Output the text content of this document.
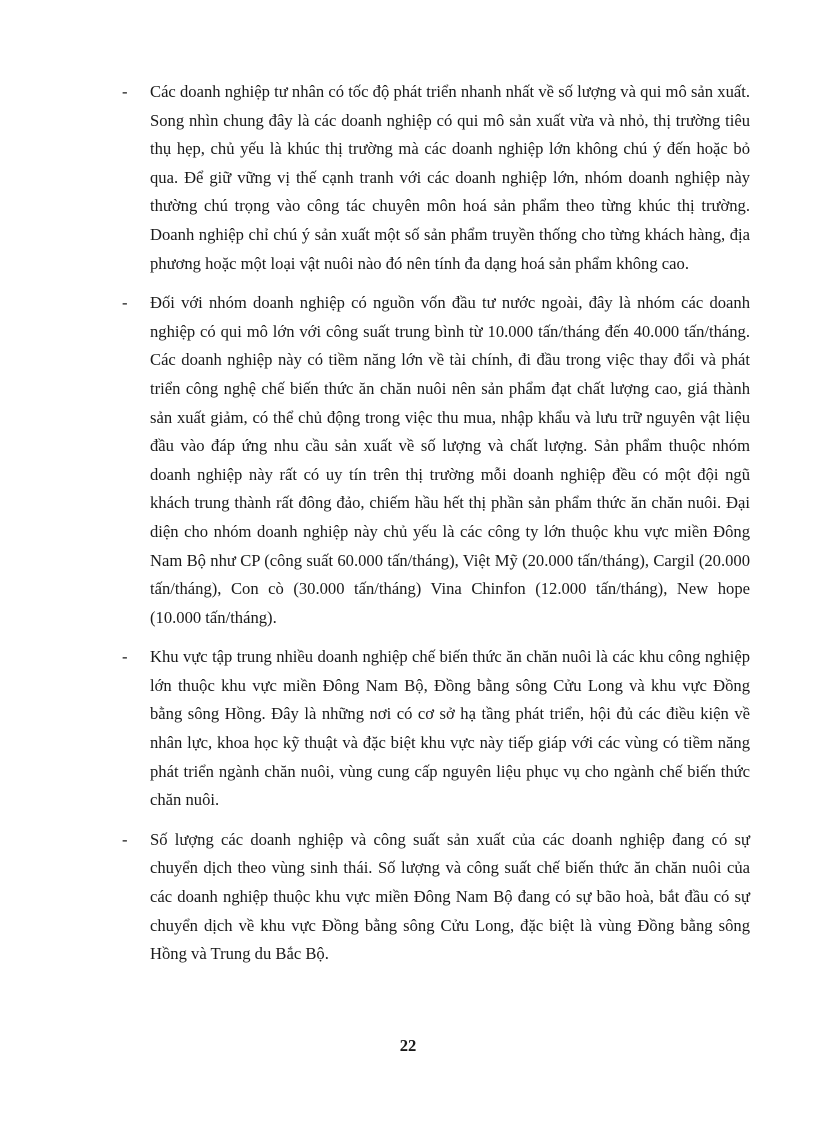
- Các doanh nghiệp tư nhân có tốc độ phát triển nhanh nhất về số lượng và qui mô sản xuất. Song nhìn chung đây là các doanh nghiệp có qui mô sản xuất vừa và nhỏ, thị trường tiêu thụ hẹp, chủ yếu là khúc thị trường mà các doanh nghiệp lớn không chú ý đến hoặc bỏ qua. Để giữ vững vị thế cạnh tranh với các doanh nghiệp lớn, nhóm doanh nghiệp này thường chú trọng vào công tác chuyên môn hoá sản phẩm theo từng khúc thị trường. Doanh nghiệp chỉ chú ý sản xuất một số sản phẩm truyền thống cho từng khách hàng, địa phương hoặc một loại vật nuôi nào đó nên tính đa dạng hoá sản phẩm không cao.

- Đối với nhóm doanh nghiệp có nguồn vốn đầu tư nước ngoài, đây là nhóm các doanh nghiệp có qui mô lớn với công suất trung bình từ 10.000 tấn/tháng đến 40.000 tấn/tháng. Các doanh nghiệp này có tiềm năng lớn về tài chính, đi đầu trong việc thay đổi và phát triển công nghệ chế biến thức ăn chăn nuôi nên sản phẩm đạt chất lượng cao, giá thành sản xuất giảm, có thể chủ động trong việc thu mua, nhập khẩu và lưu trữ nguyên vật liệu đầu vào đáp ứng nhu cầu sản xuất về số lượng và chất lượng. Sản phẩm thuộc nhóm doanh nghiệp này rất có uy tín trên thị trường mỗi doanh nghiệp đều có một đội ngũ khách trung thành rất đông đảo, chiếm hầu hết thị phần sản phẩm thức ăn chăn nuôi. Đại diện cho nhóm doanh nghiệp này chủ yếu là các công ty lớn thuộc khu vực miền Đông Nam Bộ như CP (công suất 60.000 tấn/tháng), Việt Mỹ (20.000 tấn/tháng), Cargil (20.000 tấn/tháng), Con cò (30.000 tấn/tháng) Vina Chinfon (12.000 tấn/tháng), New hope (10.000 tấn/tháng).

- Khu vực tập trung nhiều doanh nghiệp chế biến thức ăn chăn nuôi là các khu công nghiệp lớn thuộc khu vực miền Đông Nam Bộ, Đồng bằng sông Cửu Long và khu vực Đồng bằng sông Hồng. Đây là những nơi có cơ sở hạ tầng phát triển, hội đủ các điều kiện về nhân lực, khoa học kỹ thuật và đặc biệt khu vực này tiếp giáp với các vùng có tiềm năng phát triển ngành chăn nuôi, vùng cung cấp nguyên liệu phục vụ cho ngành chế biến thức chăn nuôi.

- Số lượng các doanh nghiệp và công suất sản xuất của các doanh nghiệp đang có sự chuyển dịch theo vùng sinh thái. Số lượng và công suất chế biến thức ăn chăn nuôi của các doanh nghiệp thuộc khu vực miền Đông Nam Bộ đang có sự bão hoà, bắt đầu có sự chuyển dịch về khu vực Đồng bằng sông Cửu Long, đặc biệt là vùng Đồng bằng sông Hồng và Trung du Bắc Bộ.

22
